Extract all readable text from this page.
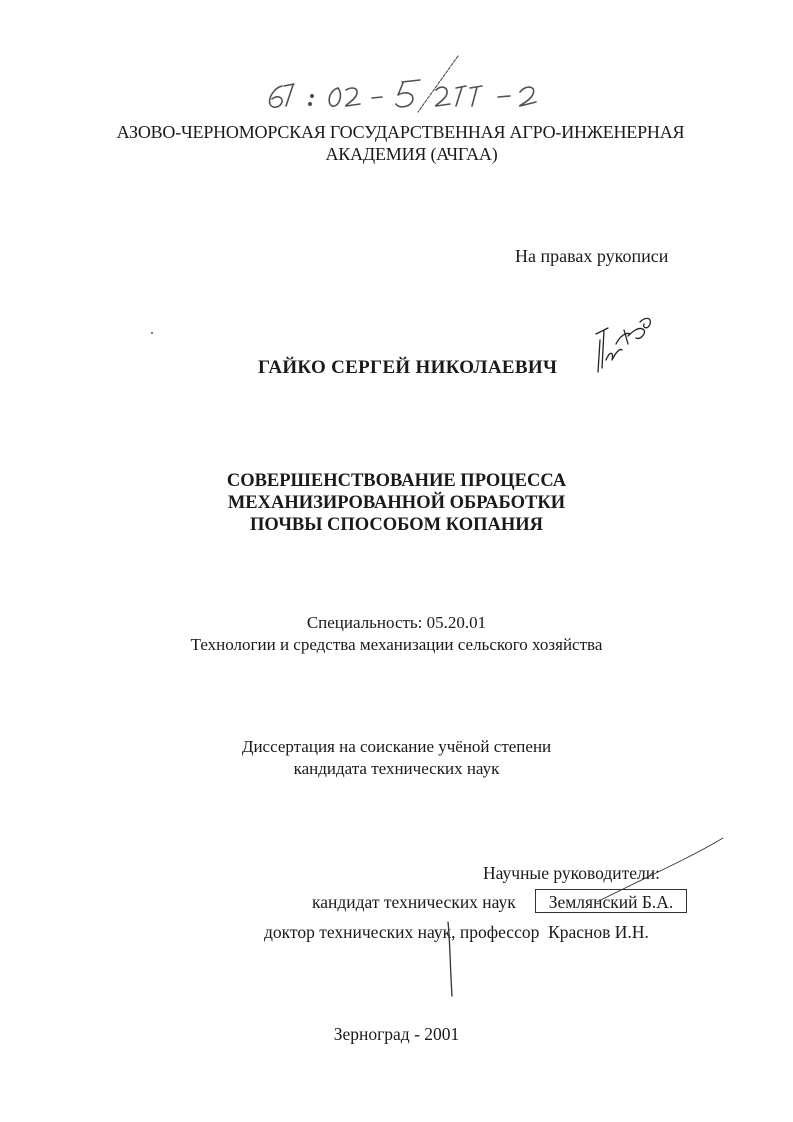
АЗОВО-ЧЕРНОМОРСКАЯ ГОСУДАРСТВЕННАЯ АГРО-ИНЖЕНЕРНАЯ
АКАДЕМИЯ (АЧГАА)
На правах рукописи
ГАЙКО СЕРГЕЙ НИКОЛАЕВИЧ
СОВЕРШЕНСТВОВАНИЕ ПРОЦЕССА
МЕХАНИЗИРОВАННОЙ ОБРАБОТКИ
ПОЧВЫ СПОСОБОМ КОПАНИЯ
Специальность: 05.20.01
Технологии и средства механизации сельского хозяйства
Диссертация на соискание учёной степени
кандидата технических наук
Научные руководители:
кандидат технических наук	Землянский Б.А.
доктор технических наук, профессор Краснов И.Н.
Зерноград - 2001
